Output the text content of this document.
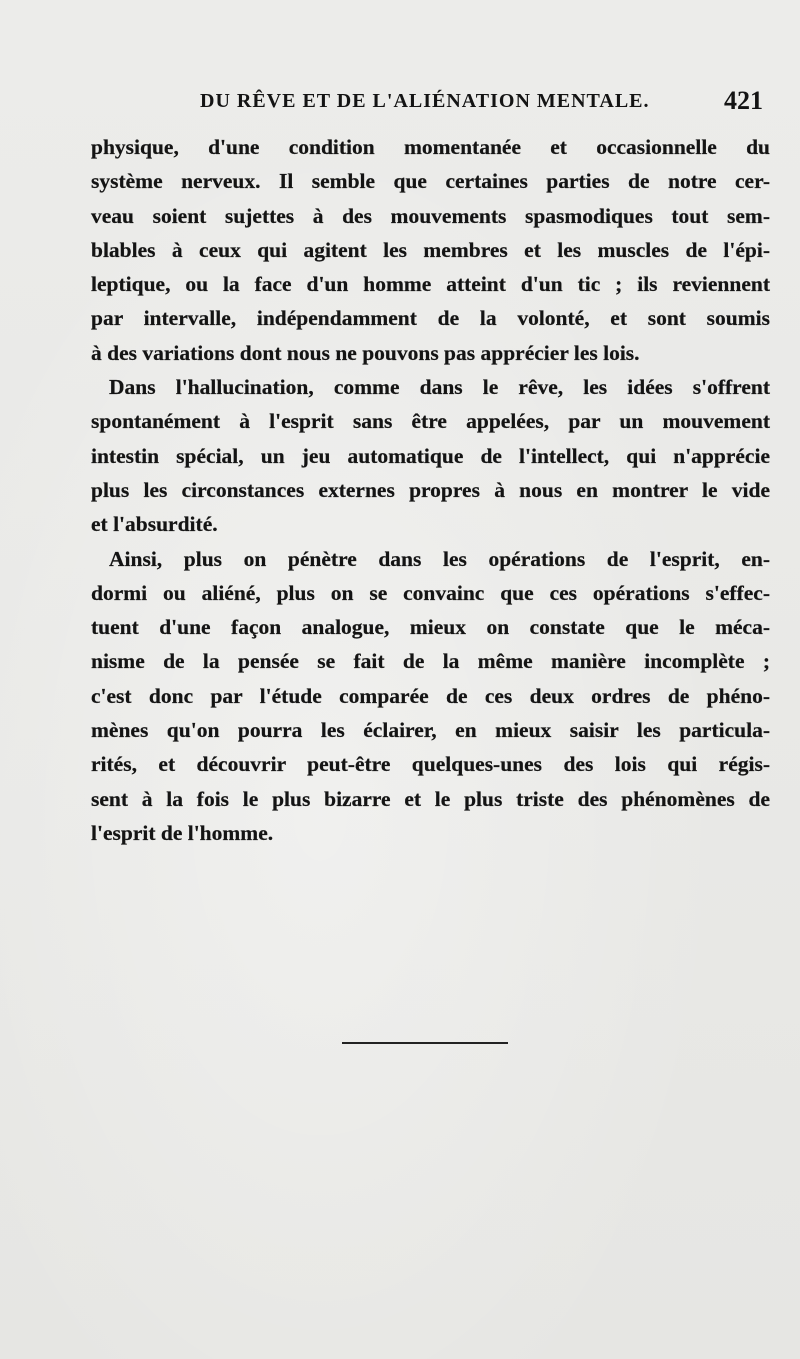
DU RÊVE ET DE L'ALIÉNATION MENTALE.	421
physique, d'une condition momentanée et occasionnelle du
système nerveux. Il semble que certaines parties de notre cer-
veau soient sujettes à des mouvements spasmodiques tout sem-
blables à ceux qui agitent les membres et les muscles de l'épi-
leptique, ou la face d'un homme atteint d'un tic ; ils reviennent
par intervalle, indépendamment de la volonté, et sont soumis
à des variations dont nous ne pouvons pas apprécier les lois.
Dans l'hallucination, comme dans le rêve, les idées s'offrent
spontanément à l'esprit sans être appelées, par un mouvement
intestin spécial, un jeu automatique de l'intellect, qui n'apprécie
plus les circonstances externes propres à nous en montrer le vide
et l'absurdité.
Ainsi, plus on pénètre dans les opérations de l'esprit, en-
dormi ou aliéné, plus on se convainc que ces opérations s'effec-
tuent d'une façon analogue, mieux on constate que le méca-
nisme de la pensée se fait de la même manière incomplète ;
c'est donc par l'étude comparée de ces deux ordres de phéno-
mènes qu'on pourra les éclairer, en mieux saisir les particula-
rités, et découvrir peut-être quelques-unes des lois qui régis-
sent à la fois le plus bizarre et le plus triste des phénomènes de
l'esprit de l'homme.
